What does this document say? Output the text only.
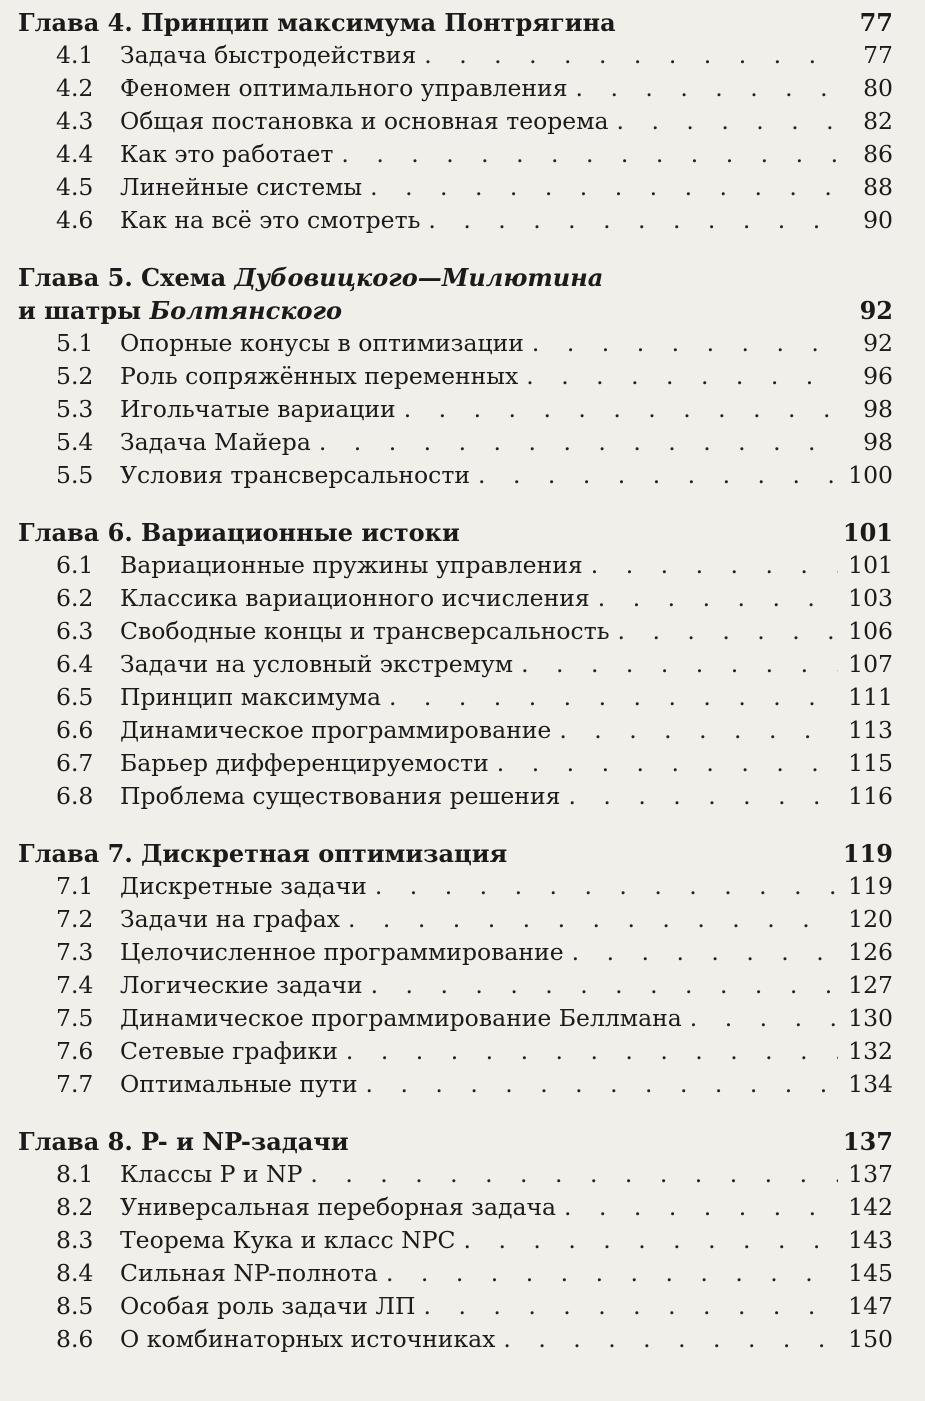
Глава 4. Принцип максимума Понтрягина	77
4.1	Задача быстродействия . . .	77
4.2	Феномен оптимального управления . . .	80
4.3	Общая постановка и основная теорема . . .	82
4.4	Как это работает . . .	86
4.5	Линейные системы . . .	88
4.6	Как на всё это смотреть . . .	90
Глава 5. Схема Дубовицкого—Милютина
и шатры Болтянского	92
5.1	Опорные конусы в оптимизации . . .	92
5.2	Роль сопряжённых переменных . . .	96
5.3	Игольчатые вариации . . .	98
5.4	Задача Майера . . .	98
5.5	Условия трансверсальности . . .	100
Глава 6. Вариационные истоки	101
6.1	Вариационные пружины управления . . .	101
6.2	Классика вариационного исчисления . . .	103
6.3	Свободные концы и трансверсальность . . .	106
6.4	Задачи на условный экстремум . . .	107
6.5	Принцип максимума . . .	111
6.6	Динамическое программирование . . .	113
6.7	Барьер дифференцируемости . . .	115
6.8	Проблема существования решения . . .	116
Глава 7. Дискретная оптимизация	119
7.1	Дискретные задачи . . .	119
7.2	Задачи на графах . . .	120
7.3	Целочисленное программирование . . .	126
7.4	Логические задачи . . .	127
7.5	Динамическое программирование Беллмана . . .	130
7.6	Сетевые графики . . .	132
7.7	Оптимальные пути . . .	134
Глава 8. P- и NP-задачи	137
8.1	Классы P и NP . . .	137
8.2	Универсальная переборная задача . . .	142
8.3	Теорема Кука и класс NPC . . .	143
8.4	Сильная NP-полнота . . .	145
8.5	Особая роль задачи ЛП . . .	147
8.6	О комбинаторных источниках . . .	150
